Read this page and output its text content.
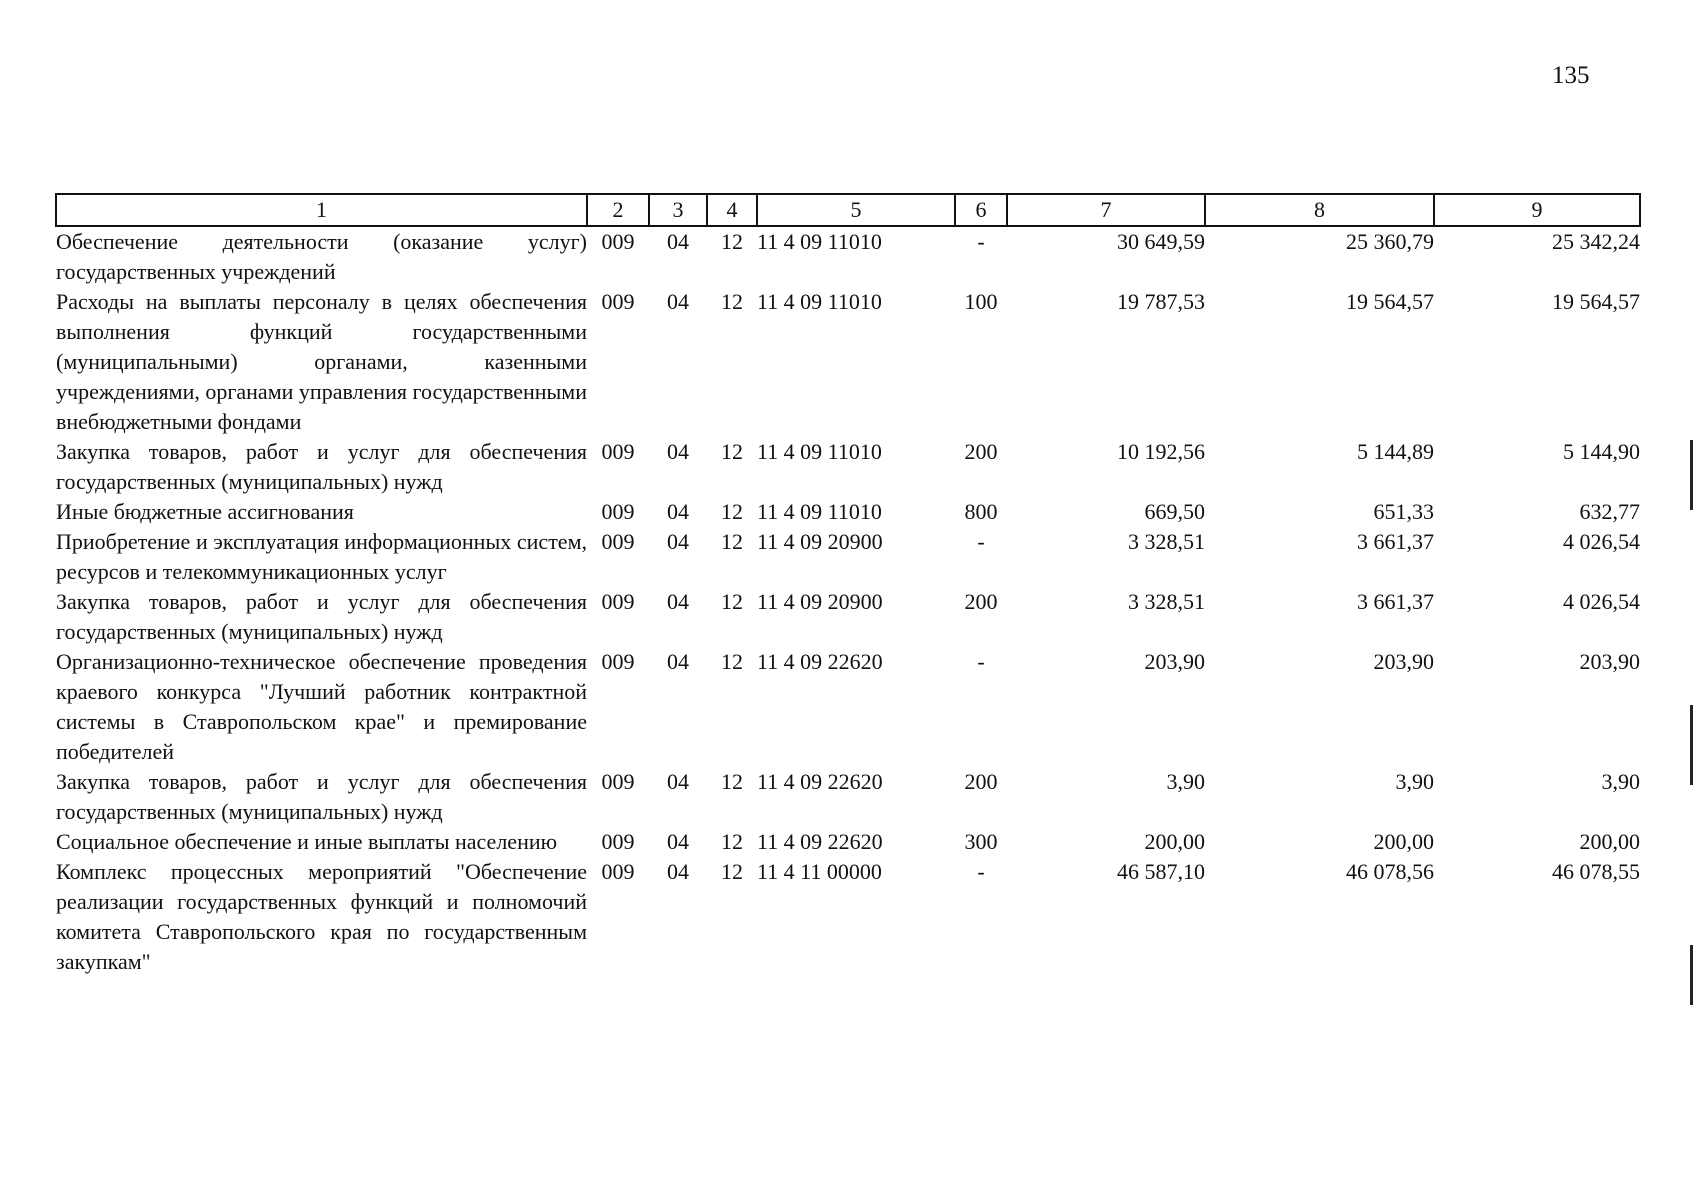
135
1	2	3	4	5	6	7	8	9
Обеспечение деятельности (оказание услуг) государственных учреждений	009	04	12	11 4 09 11010	-	30 649,59	25 360,79	25 342,24
Расходы на выплаты персоналу в целях обеспечения выполнения функций государственными (муниципальными) органами, казенными учреждениями, органами управления государственными внебюджетными фондами	009	04	12	11 4 09 11010	100	19 787,53	19 564,57	19 564,57
Закупка товаров, работ и услуг для обеспечения государственных (муниципальных) нужд	009	04	12	11 4 09 11010	200	10 192,56	5 144,89	5 144,90
Иные бюджетные ассигнования	009	04	12	11 4 09 11010	800	669,50	651,33	632,77
Приобретение и эксплуатация информационных систем, ресурсов и телекоммуникационных услуг	009	04	12	11 4 09 20900	-	3 328,51	3 661,37	4 026,54
Закупка товаров, работ и услуг для обеспечения государственных (муниципальных) нужд	009	04	12	11 4 09 20900	200	3 328,51	3 661,37	4 026,54
Организационно-техническое обеспечение проведения краевого конкурса "Лучший работник контрактной системы в Ставропольском крае" и премирование победителей	009	04	12	11 4 09 22620	-	203,90	203,90	203,90
Закупка товаров, работ и услуг для обеспечения государственных (муниципальных) нужд	009	04	12	11 4 09 22620	200	3,90	3,90	3,90
Социальное обеспечение и иные выплаты населению	009	04	12	11 4 09 22620	300	200,00	200,00	200,00
Комплекс процессных мероприятий "Обеспечение реализации государственных функций и полномочий комитета Ставропольского края по государственным закупкам"	009	04	12	11 4 11 00000	-	46 587,10	46 078,56	46 078,55
